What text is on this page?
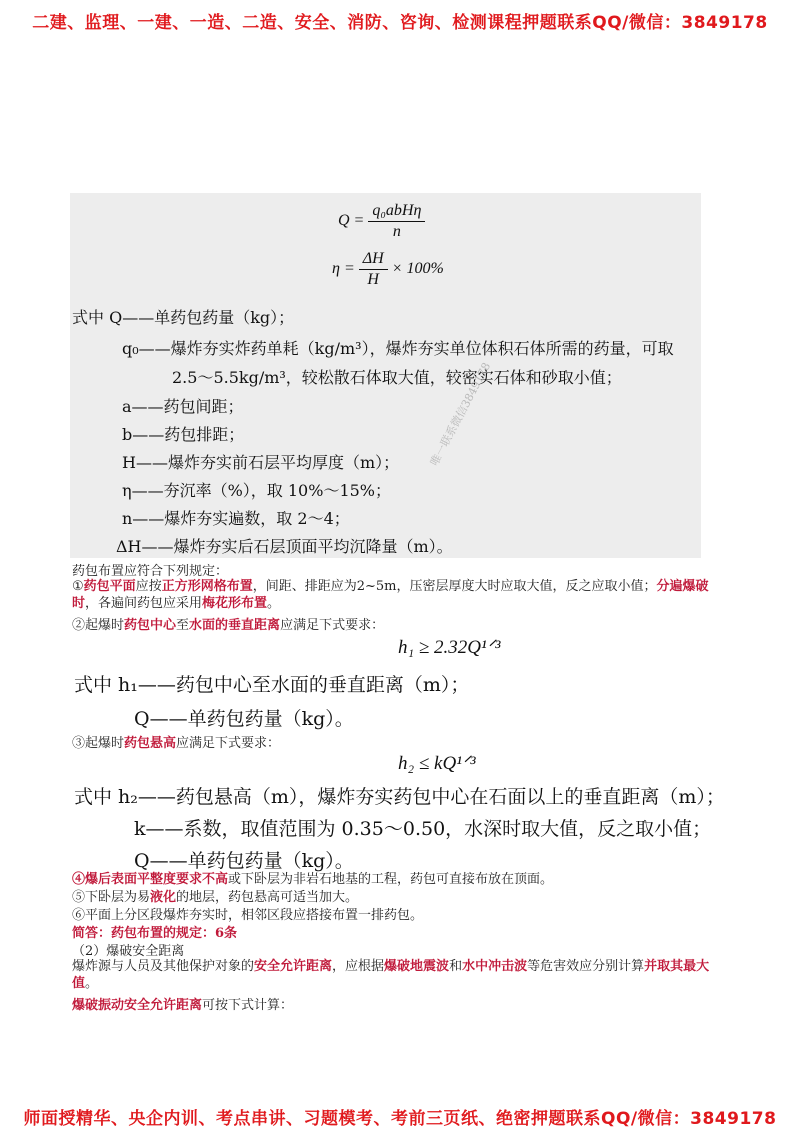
二建、监理、一建、一造、二造、安全、消防、咨询、检测课程押题联系QQ/微信：3849178
$Q = \frac{\text{q₀abHη}}{n}$
$\eta = \frac{\Delta H}{H} \times 100\%$
式中 Q——单药包药量（kg）；
q₀——爆炸夯实炸药单耗（kg/m³），爆炸夯实单位体积石体所需的药量，可取
2.5～5.5kg/m³，较松散石体取大值，较密实石体和砂取小值；
a——药包间距；
b——药包排距；
H——爆炸夯实前石层平均厚度（m）；
η——夯沉率（%），取 10%～15%；
n——爆炸夯实遍数，取 2～4；
ΔH——爆炸夯实后石层顶面平均沉降量（m）。
唯一联系微信3849178
药包布置应符合下列规定：
①药包平面应按正方形网格布置，间距、排距应为2~5m，压密层厚度大时应取大值，反之应取小值；分遍爆破时，各遍间药包应采用梅花形布置。
②起爆时药包中心至水面的垂直距离应满足下式要求：
h₁ ≥ 2.32Q¹ᐟ³
式中 h₁——药包中心至水面的垂直距离（m）；
Q——单药包药量（kg）。
③起爆时药包悬高应满足下式要求：
h₂ ≤ kQ¹ᐟ³
式中 h₂——药包悬高（m），爆炸夯实药包中心在石面以上的垂直距离（m）；
k——系数，取值范围为 0.35～0.50，水深时取大值，反之取小值；
Q——单药包药量（kg）。
④爆后表面平整度要求不高或下卧层为非岩石地基的工程，药包可直接布放在顶面。
⑤下卧层为易液化的地层，药包悬高可适当加大。
⑥平面上分区段爆炸夯实时，相邻区段应搭接布置一排药包。
简答：药包布置的规定：6条
（2）爆破安全距离
爆炸源与人员及其他保护对象的安全允许距离，应根据爆破地震波和水中冲击波等危害效应分别计算并取其最大值。
爆破振动安全允许距离可按下式计算：
师面授精华、央企内训、考点串讲、习题模考、考前三页纸、绝密押题联系QQ/微信：3849178
